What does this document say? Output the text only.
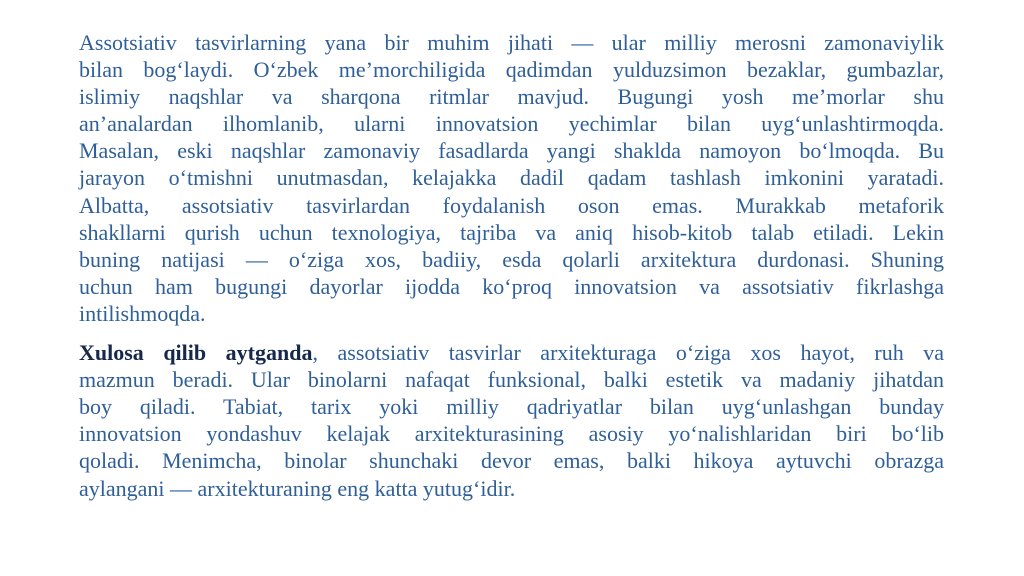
Assotsiativ tasvirlarning yana bir muhim jihati — ular milliy merosni zamonaviylik
bilan bog‘laydi. O‘zbek me’morchiligida qadimdan yulduzsimon bezaklar, gumbazlar,
islimiy naqshlar va sharqona ritmlar mavjud. Bugungi yosh me’morlar shu
an’analardan ilhomlanib, ularni innovatsion yechimlar bilan uyg‘unlashtirmoqda.
Masalan, eski naqshlar zamonaviy fasadlarda yangi shaklda namoyon bo‘lmoqda. Bu
jarayon o‘tmishni unutmasdan, kelajakka dadil qadam tashlash imkonini yaratadi.
Albatta, assotsiativ tasvirlardan foydalanish oson emas. Murakkab metaforik
shakllarni qurish uchun texnologiya, tajriba va aniq hisob-kitob talab etiladi. Lekin
buning natijasi — o‘ziga xos, badiiy, esda qolarli arxitektura durdonasi. Shuning
uchun ham bugungi dayorlar ijodda ko‘proq innovatsion va assotsiativ fikrlashga
intilishmoqda.
Xulosa qilib aytganda, assotsiativ tasvirlar arxitekturaga o‘ziga xos hayot, ruh va
mazmun beradi. Ular binolarni nafaqat funksional, balki estetik va madaniy jihatdan
boy qiladi. Tabiat, tarix yoki milliy qadriyatlar bilan uyg‘unlashgan bunday
innovatsion yondashuv kelajak arxitekturasining asosiy yo‘nalishlaridan biri bo‘lib
qoladi. Menimcha, binolar shunchaki devor emas, balki hikoya aytuvchi obrazga
aylangani — arxitekturaning eng katta yutug‘idir.
